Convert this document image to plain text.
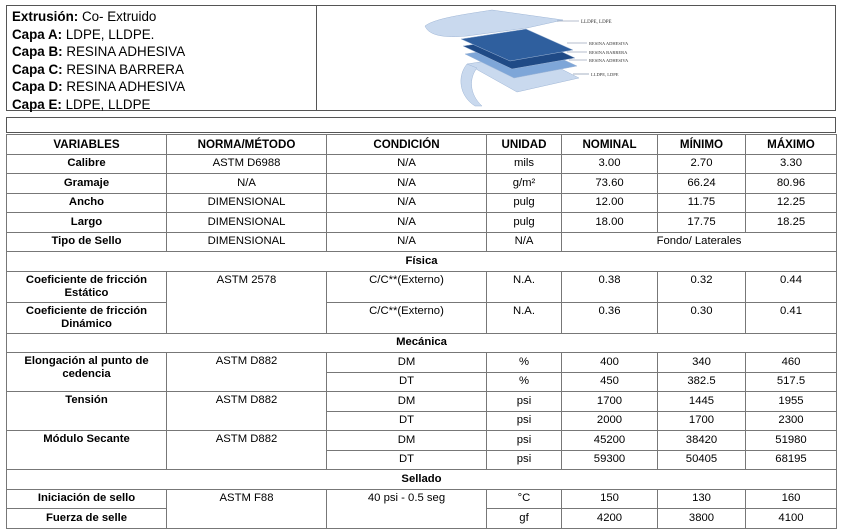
Extrusión: Co- Extruido
Capa A: LDPE, LLDPE.
Capa B: RESINA ADHESIVA
Capa C: RESINA BARRERA
Capa D: RESINA ADHESIVA
Capa E: LDPE, LLDPE
LLDPE, LDPE
RESINA ADHESIVA
RESINA BARRERA
RESINA ADHESIVA
LLDPE, LDPE
VARIABLES	NORMA/MÉTODO	CONDICIÓN	UNIDAD	NOMINAL	MÍNIMO	MÁXIMO
Calibre	ASTM D6988	N/A	mils	3.00	2.70	3.30
Gramaje	N/A	N/A	g/m²	73.60	66.24	80.96
Ancho	DIMENSIONAL	N/A	pulg	12.00	11.75	12.25
Largo	DIMENSIONAL	N/A	pulg	18.00	17.75	18.25
Tipo de Sello	DIMENSIONAL	N/A	N/A	Fondo/ Laterales		
Física						
Coeficiente de fricción Estático	ASTM 2578	C/C**(Externo)	N.A.	0.38	0.32	0.44
Coeficiente de fricción Dinámico		C/C**(Externo)	N.A.	0.36	0.30	0.41
Mecánica						
Elongación al punto de cedencia	ASTM D882	DM	%	400	340	460
		DT	%	450	382.5	517.5
Tensión	ASTM D882	DM	psi	1700	1445	1955
		DT	psi	2000	1700	2300
Módulo Secante	ASTM D882	DM	psi	45200	38420	51980
		DT	psi	59300	50405	68195
Sellado						
Iniciación de sello	ASTM F88	40 psi - 0.5 seg	°C	150	130	160
Fuerza de selle			gf	4200	3800	4100
